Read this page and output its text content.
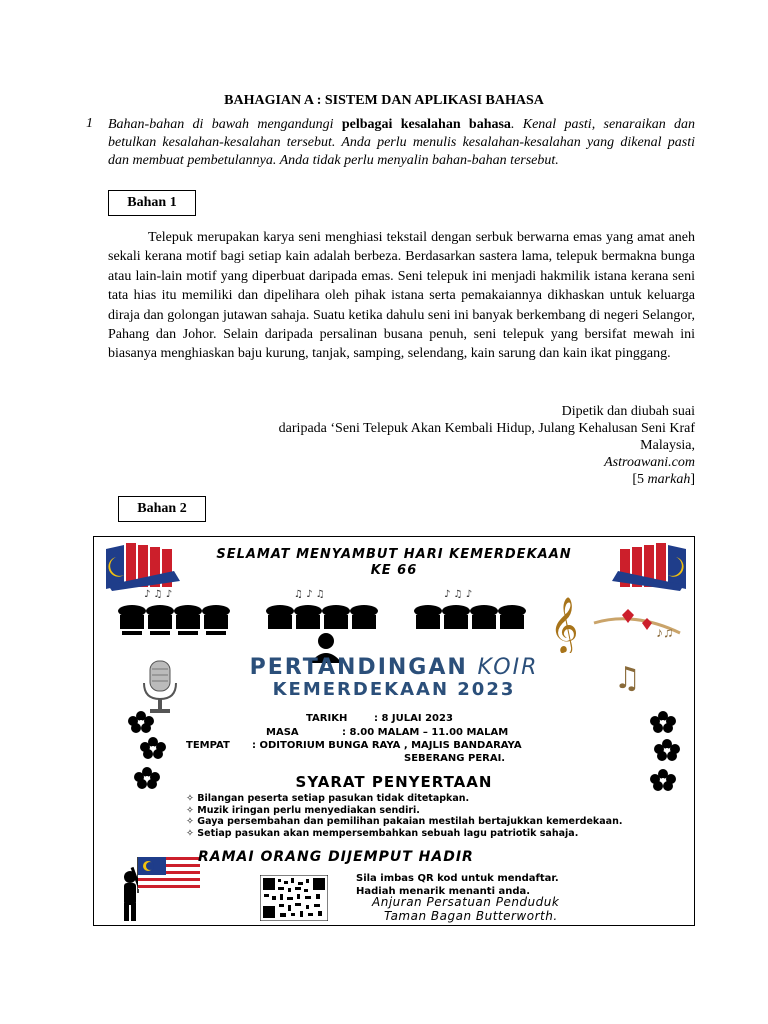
BAHAGIAN A : SISTEM DAN APLIKASI BAHASA
1 Bahan-bahan di bawah mengandungi pelbagai kesalahan bahasa. Kenal pasti, senaraikan dan betulkan kesalahan-kesalahan tersebut. Anda perlu menulis kesalahan-kesalahan yang dikenal pasti dan membuat pembetulannya. Anda tidak perlu menyalin bahan-bahan tersebut.
Bahan 1
Telepuk merupakan karya seni menghiasi tekstail dengan serbuk berwarna emas yang amat aneh sekali kerana motif bagi setiap kain adalah berbeza. Berdasarkan sastera lama, telepuk bermakna bunga atau lain-lain motif yang diperbuat daripada emas. Seni telepuk ini menjadi hakmilik istana kerana seni tata hias itu memiliki dan dipelihara oleh pihak istana serta pemakaiannya dikhaskan untuk keluarga diraja dan golongan jutawan sahaja. Suatu ketika dahulu seni ini banyak berkembang di negeri Selangor, Pahang dan Johor. Selain daripada persalinan busana penuh, seni telepuk yang bersifat mewah ini biasanya menghiaskan baju kurung, tanjak, samping, selendang, kain sarung dan kain ikat pinggang.
Dipetik dan diubah suai
daripada ‘Seni Telepuk Akan Kembali Hidup, Julang Kehalusan Seni Kraf
Malaysia,
Astroawani.com
[5 markah]
Bahan 2
SELAMAT MENYAMBUT HARI KEMERDEKAAN
KE 66
♪ ♫ ♪	♫ ♪ ♫	♪ ♫ ♪
𝄞	♪♫
♫
PERTANDINGAN KOIR
KEMERDEKAAN 2023
TARIKH	: 8 JULAI 2023
MASA	: 8.00 MALAM – 11.00 MALAM
TEMPAT : ODITORIUM BUNGA RAYA , MAJLIS BANDARAYA
SEBERANG PERAI.
SYARAT PENYERTAAN
✧ Bilangan peserta setiap pasukan tidak ditetapkan.
✧ Muzik iringan perlu menyediakan sendiri.
✧ Gaya persembahan dan pemilihan pakaian mestilah bertajukkan kemerdekaan.
✧ Setiap pasukan akan mempersembahkan sebuah lagu patriotik sahaja.
RAMAI ORANG DIJEMPUT HADIR
Sila imbas QR kod untuk mendaftar.
Hadiah menarik menanti anda.
Anjuran Persatuan Penduduk
Taman Bagan Butterworth.
